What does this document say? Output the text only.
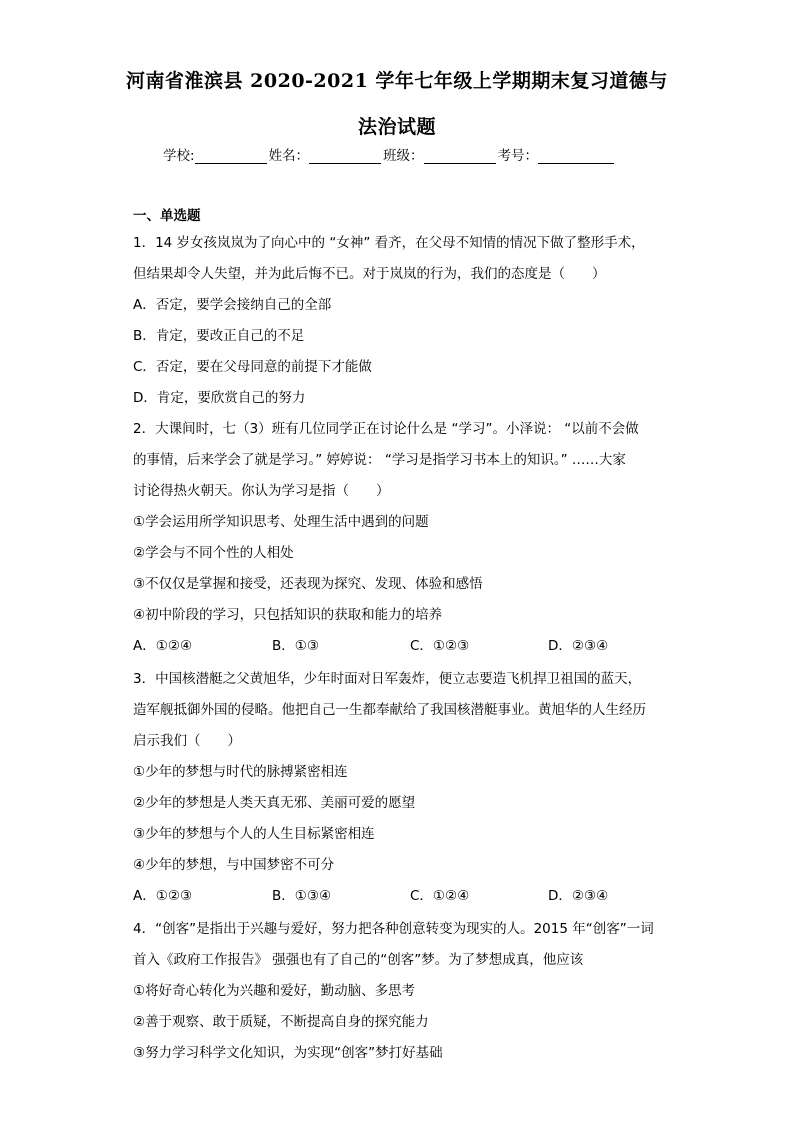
河南省淮滨县 2020-2021 学年七年级上学期期末复习道德与
法治试题
学校:	姓名：	班级：	考号：
一、单选题
1．14 岁女孩岚岚为了向心中的 “女神” 看齐，在父母不知情的情况下做了整形手术，
但结果却令人失望，并为此后悔不已。对于岚岚的行为，我们的态度是（　　）
A．否定，要学会接纳自己的全部
B．肯定，要改正自己的不足
C．否定，要在父母同意的前提下才能做
D．肯定，要欣赏自己的努力
2．大课间时，七（3）班有几位同学正在讨论什么是 “学习”。小泽说： “以前不会做
的事情，后来学会了就是学习。” 婷婷说： “学习是指学习书本上的知识。” ……大家
讨论得热火朝天。你认为学习是指（　　）
①学会运用所学知识思考、处理生活中遇到的问题
②学会与不同个性的人相处
③不仅仅是掌握和接受，还表现为探究、发现、体验和感悟
④初中阶段的学习，只包括知识的获取和能力的培养
A．①②④	B．①③	C．①②③	D．②③④
3．中国核潜艇之父黄旭华，少年时面对日军轰炸，便立志要造飞机捍卫祖国的蓝天，
造军舰抵御外国的侵略。他把自己一生都奉献给了我国核潜艇事业。黄旭华的人生经历
启示我们（　　）
①少年的梦想与时代的脉搏紧密相连
②少年的梦想是人类天真无邪、美丽可爱的愿望
③少年的梦想与个人的人生目标紧密相连
④少年的梦想，与中国梦密不可分
A．①②③	B．①③④	C．①②④	D．②③④
4．“创客”是指出于兴趣与爱好，努力把各种创意转变为现实的人。2015 年“创客”一词
首入《政府工作报告》 强强也有了自己的“创客”梦。为了梦想成真，他应该
①将好奇心转化为兴趣和爱好，勤动脑、多思考
②善于观察、敢于质疑，不断提高自身的探究能力
③努力学习科学文化知识，为实现“创客”梦打好基础
